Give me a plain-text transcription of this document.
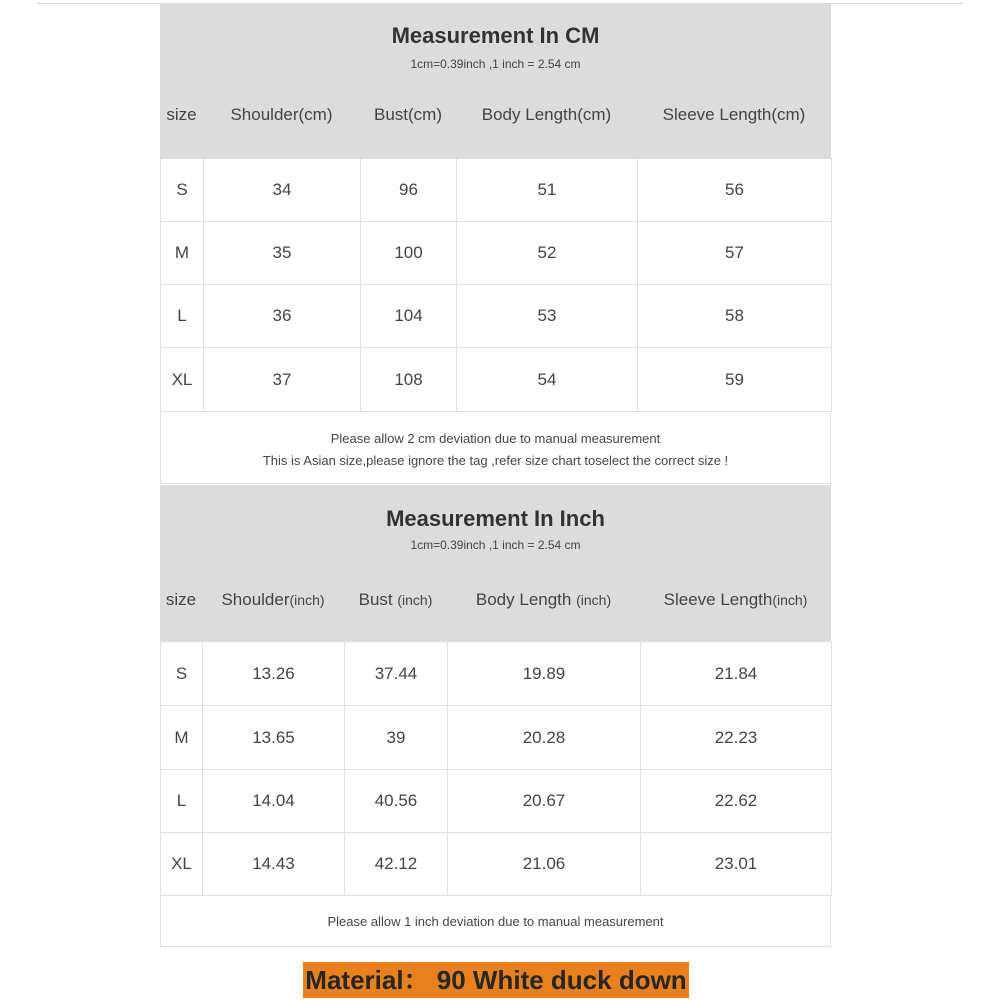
Measurement In CM
1cm=0.39inch ,1 inch = 2.54 cm
size	Shoulder(cm)	Bust(cm)	Body Length(cm)	Sleeve Length(cm)
S	34	96	51	56
M	35	100	52	57
L	36	104	53	58
XL	37	108	54	59
Please allow 2 cm deviation due to manual measurement
This is Asian size,please ignore the tag ,refer size chart toselect the correct size !
Measurement In Inch
1cm=0.39inch ,1 inch = 2.54 cm
size	Shoulder(inch)	Bust (inch)	Body Length (inch)	Sleeve Length(inch)
S	13.26	37.44	19.89	21.84
M	13.65	39	20.28	22.23
L	14.04	40.56	20.67	22.62
XL	14.43	42.12	21.06	23.01
Please allow 1 inch deviation due to manual measurement
Material： 90 White duck down
